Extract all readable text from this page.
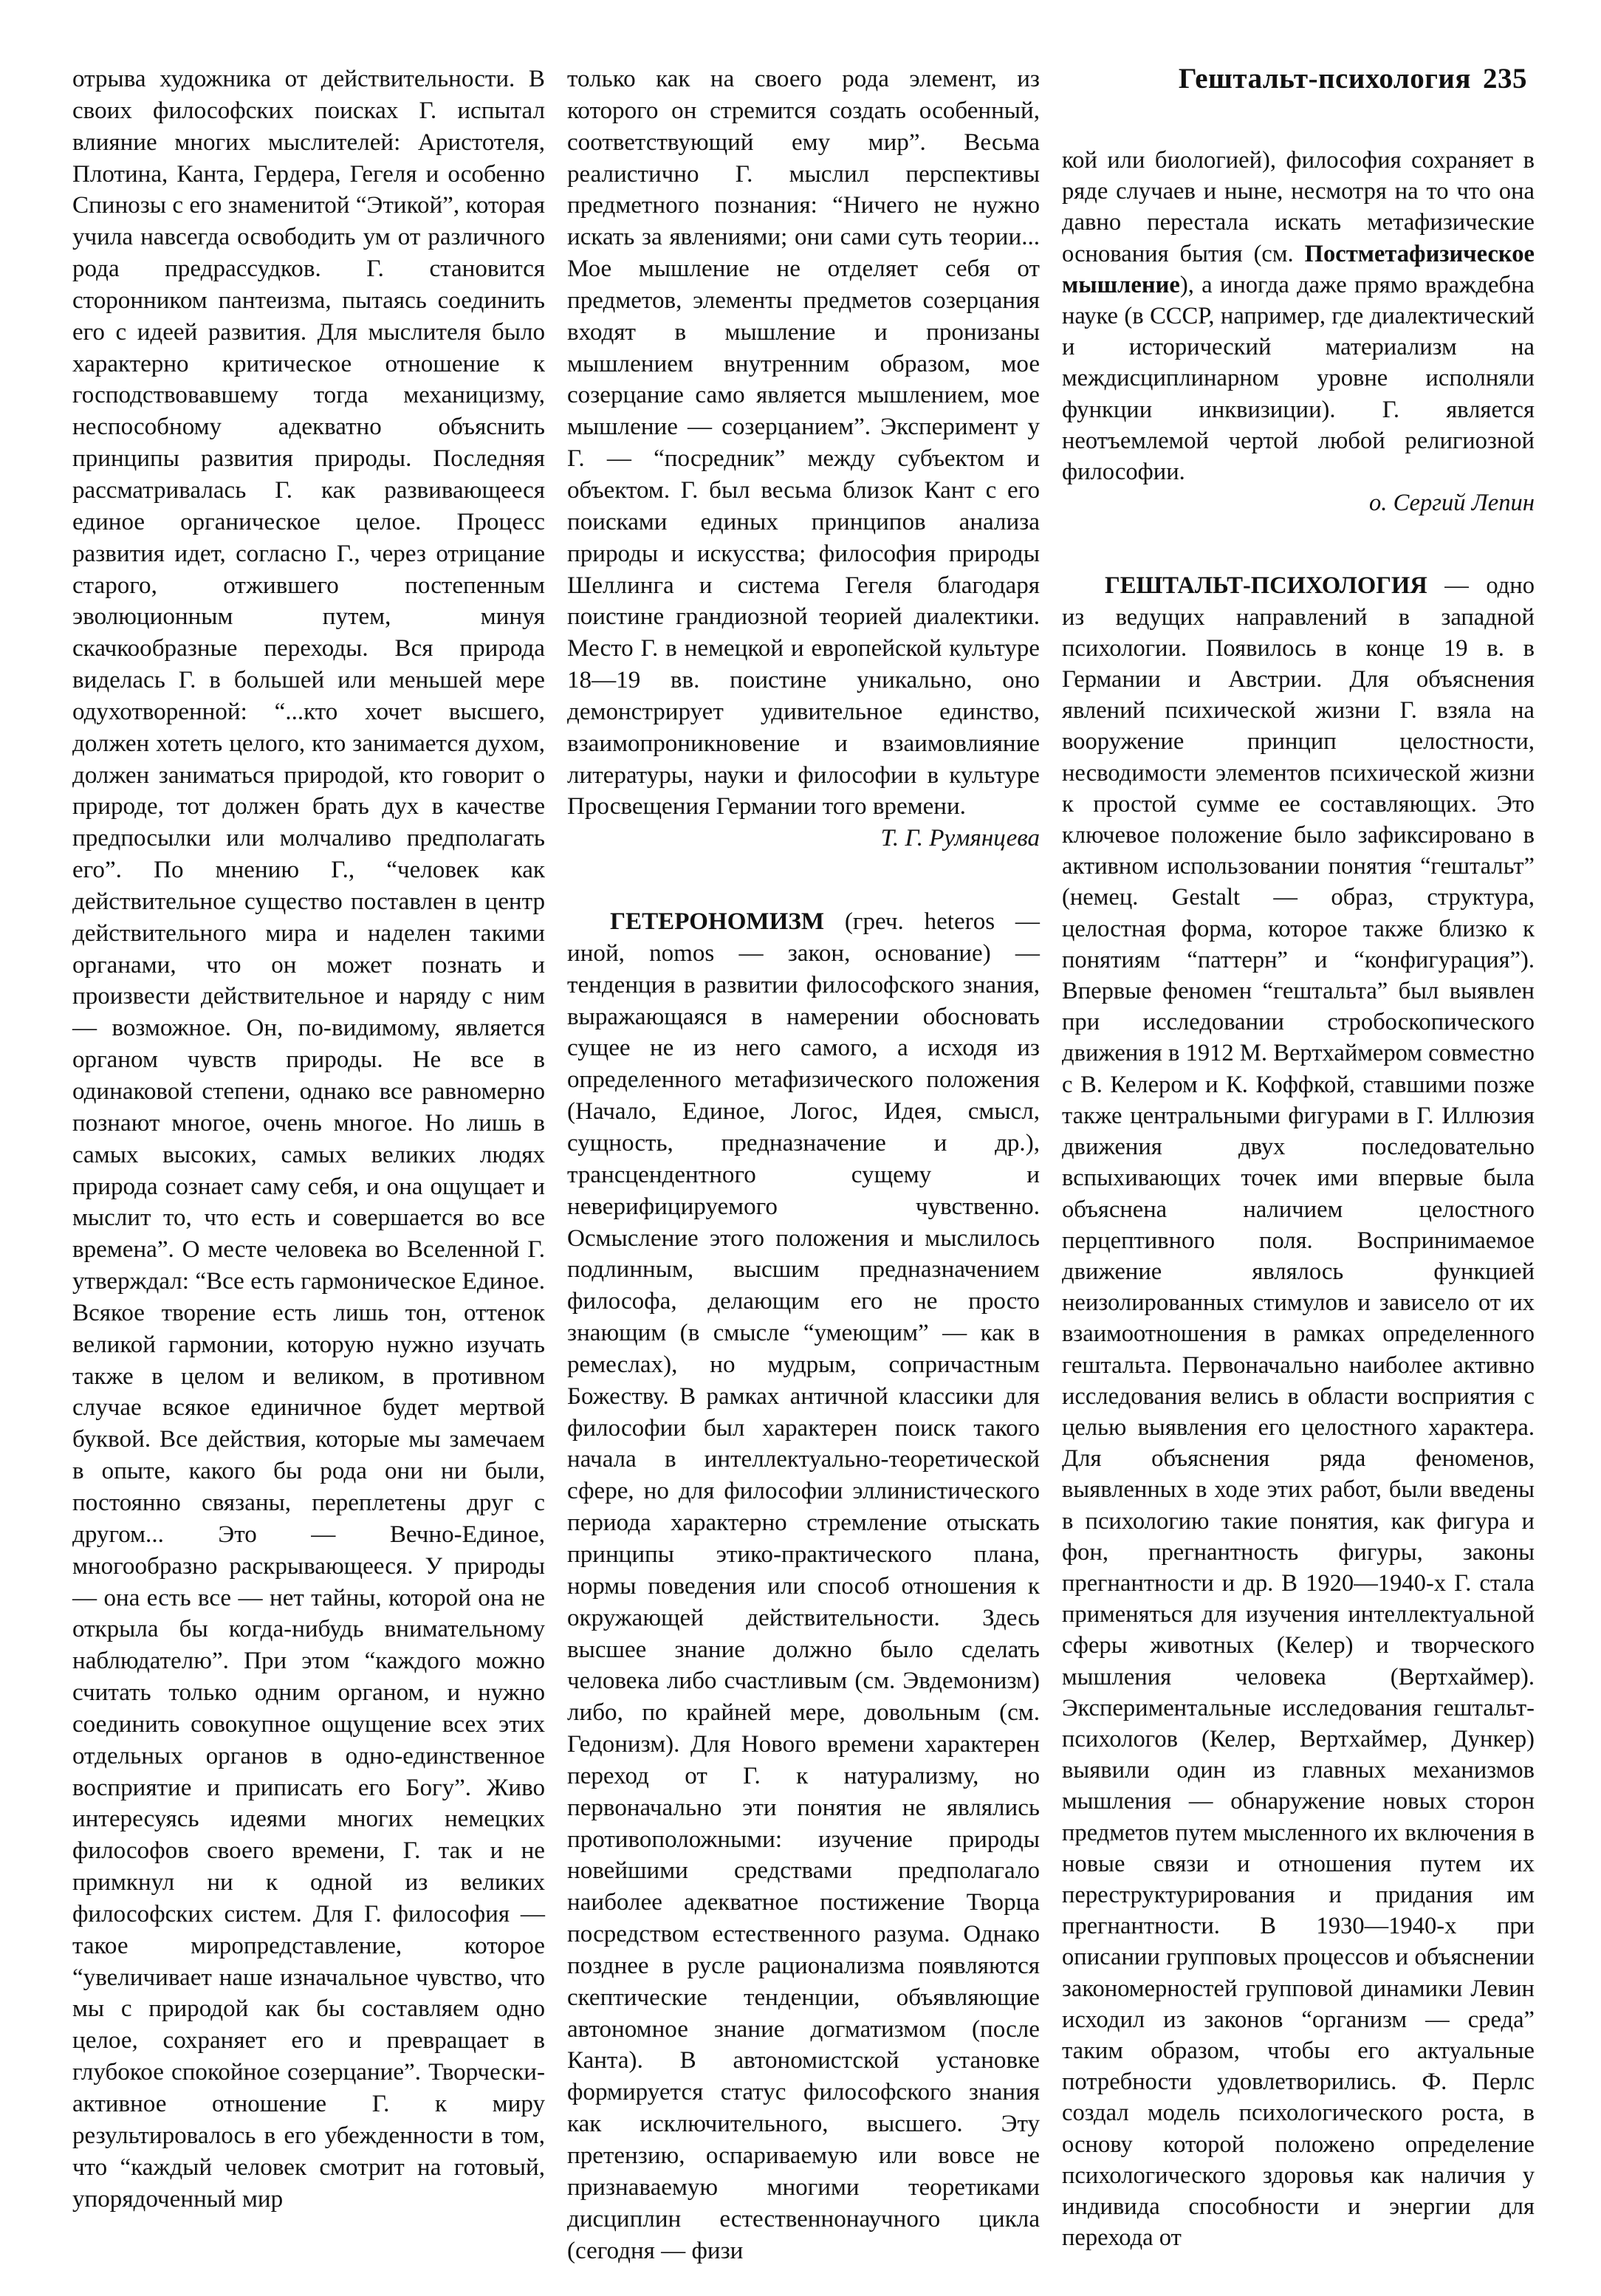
Гештальт-психология 235

отрыва художника от действительности. В своих философских поисках Г. испытал влияние многих мыслителей: Аристотеля, Плотина, Канта, Гердера, Гегеля и особенно Спинозы с его знаменитой “Этикой”, которая учила навсегда освободить ум от различного рода предрассудков. Г. становится сторонником пантеизма, пытаясь соединить его с идеей развития. Для мыслителя было характерно критическое отношение к господствовавшему тогда механицизму, неспособному адекватно объяснить принципы развития природы. Последняя рассматривалась Г. как развивающееся единое органическое целое. Процесс развития идет, согласно Г., через отрицание старого, отжившего постепенным эволюционным путем, минуя скачкообразные переходы. Вся природа виделась Г. в большей или меньшей мере одухотворенной: “...кто хочет высшего, должен хотеть целого, кто занимается духом, должен заниматься природой, кто говорит о природе, тот должен брать дух в качестве предпосылки или молчаливо предполагать его”. По мнению Г., “человек как действительное существо поставлен в центр действительного мира и наделен такими органами, что он может познать и произвести действительное и наряду с ним — возможное. Он, по-видимому, является органом чувств природы. Не все в одинаковой степени, однако все равномерно познают многое, очень многое. Но лишь в самых высоких, самых великих людях природа сознает саму себя, и она ощущает и мыслит то, что есть и совершается во все времена”. О месте человека во Вселенной Г. утверждал: “Все есть гармоническое Единое. Всякое творение есть лишь тон, оттенок великой гармонии, которую нужно изучать также в целом и великом, в противном случае всякое единичное будет мертвой буквой. Все действия, которые мы замечаем в опыте, какого бы рода они ни были, постоянно связаны, переплетены друг с другом... Это — Вечно-Единое, многообразно раскрывающееся. У природы — она есть все — нет тайны, которой она не открыла бы когда-нибудь внимательному наблюдателю”. При этом “каждого можно считать только одним органом, и нужно соединить совокупное ощущение всех этих отдельных органов в одно-единственное восприятие и приписать его Богу”. Живо интересуясь идеями многих немецких философов своего времени, Г. так и не примкнул ни к одной из великих философских систем. Для Г. философия — такое миропредставление, которое “увеличивает наше изначальное чувство, что мы с природой как бы составляем одно целое, сохраняет его и превращает в глубокое спокойное созерцание”. Творчески-активное отношение Г. к миру результировалось в его убежденности в том, что “каждый человек смотрит на готовый, упорядоченный мир

только как на своего рода элемент, из которого он стремится создать особенный, соответствующий ему мир”. Весьма реалистично Г. мыслил перспективы предметного познания: “Ничего не нужно искать за явлениями; они сами суть теории... Мое мышление не отделяет себя от предметов, элементы предметов созерцания входят в мышление и пронизаны мышлением внутренним образом, мое созерцание само является мышлением, мое мышление — созерцанием”. Эксперимент у Г. — “посредник” между субъектом и объектом. Г. был весьма близок Кант с его поисками единых принципов анализа природы и искусства; философия природы Шеллинга и система Гегеля благодаря поистине грандиозной теорией диалектики. Место Г. в немецкой и европейской культуре 18—19 вв. поистине уникально, оно демонстрирует удивительное единство, взаимопроникновение и взаимовлияние литературы, науки и философии в культуре Просвещения Германии того времени.

Т. Г. Румянцева

ГЕТЕРОНОМИЗМ (греч. heteros — иной, nomos — закон, основание) — тенденция в развитии философского знания, выражающаяся в намерении обосновать сущее не из него самого, а исходя из определенного метафизического положения (Начало, Единое, Логос, Идея, смысл, сущность, предназначение и др.), трансцендентного сущему и неверифицируемого чувственно. Осмысление этого положения и мыслилось подлинным, высшим предназначением философа, делающим его не просто знающим (в смысле “умеющим” — как в ремеслах), но мудрым, сопричастным Божеству. В рамках античной классики для философии был характерен поиск такого начала в интеллектуально-теоретической сфере, но для философии эллинистического периода характерно стремление отыскать принципы этико-практического плана, нормы поведения или способ отношения к окружающей действительности. Здесь высшее знание должно было сделать человека либо счастливым (см. Эвдемонизм) либо, по крайней мере, довольным (см. Гедонизм). Для Нового времени характерен переход от Г. к натурализму, но первоначально эти понятия не являлись противоположными: изучение природы новейшими средствами предполагало наиболее адекватное постижение Творца посредством естественного разума. Однако позднее в русле рационализма появляются скептические тенденции, объявляющие автономное знание догматизмом (после Канта). В автономистской установке формируется статус философского знания как исключительного, высшего. Эту претензию, оспариваемую или вовсе не признаваемую многими теоретиками дисциплин естественнонаучного цикла (сегодня — физи

кой или биологией), философия сохраняет в ряде случаев и ныне, несмотря на то что она давно перестала искать метафизические основания бытия (см. Постметафизическое мышление), а иногда даже прямо враждебна науке (в СССР, например, где диалектический и исторический материализм на междисциплинарном уровне исполняли функции инквизиции). Г. является неотъемлемой чертой любой религиозной философии.

о. Сергий Лепин

ГЕШТАЛЬТ-ПСИХОЛОГИЯ — одно из ведущих направлений в западной психологии. Появилось в конце 19 в. в Германии и Австрии. Для объяснения явлений психической жизни Г. взяла на вооружение принцип целостности, несводимости элементов психической жизни к простой сумме ее составляющих. Это ключевое положение было зафиксировано в активном использовании понятия “гештальт” (немец. Gestalt — образ, структура, целостная форма, которое также близко к понятиям “паттерн” и “конфигурация”). Впервые феномен “гештальта” был выявлен при исследовании стробоскопического движения в 1912 М. Вертхаймером совместно с В. Келером и К. Коффкой, ставшими позже также центральными фигурами в Г. Иллюзия движения двух последовательно вспыхивающих точек ими впервые была объяснена наличием целостного перцептивного поля. Воспринимаемое движение являлось функцией неизолированных стимулов и зависело от их взаимоотношения в рамках определенного гештальта. Первоначально наиболее активно исследования велись в области восприятия с целью выявления его целостного характера. Для объяснения ряда феноменов, выявленных в ходе этих работ, были введены в психологию такие понятия, как фигура и фон, прегнантность фигуры, законы прегнантности и др. В 1920—1940-х Г. стала применяться для изучения интеллектуальной сферы животных (Келер) и творческого мышления человека (Вертхаймер). Экспериментальные исследования гештальт-психологов (Келер, Вертхаймер, Дункер) выявили один из главных механизмов мышления — обнаружение новых сторон предметов путем мысленного их включения в новые связи и отношения путем их переструктурирования и придания им прегнантности. В 1930—1940-х при описании групповых процессов и объяснении закономерностей групповой динамики Левин исходил из законов “организм — среда” таким образом, чтобы его актуальные потребности удовлетворились. Ф. Перлс создал модель психологического роста, в основу которой положено определение психологического здоровья как наличия у индивида способности и энергии для перехода от
